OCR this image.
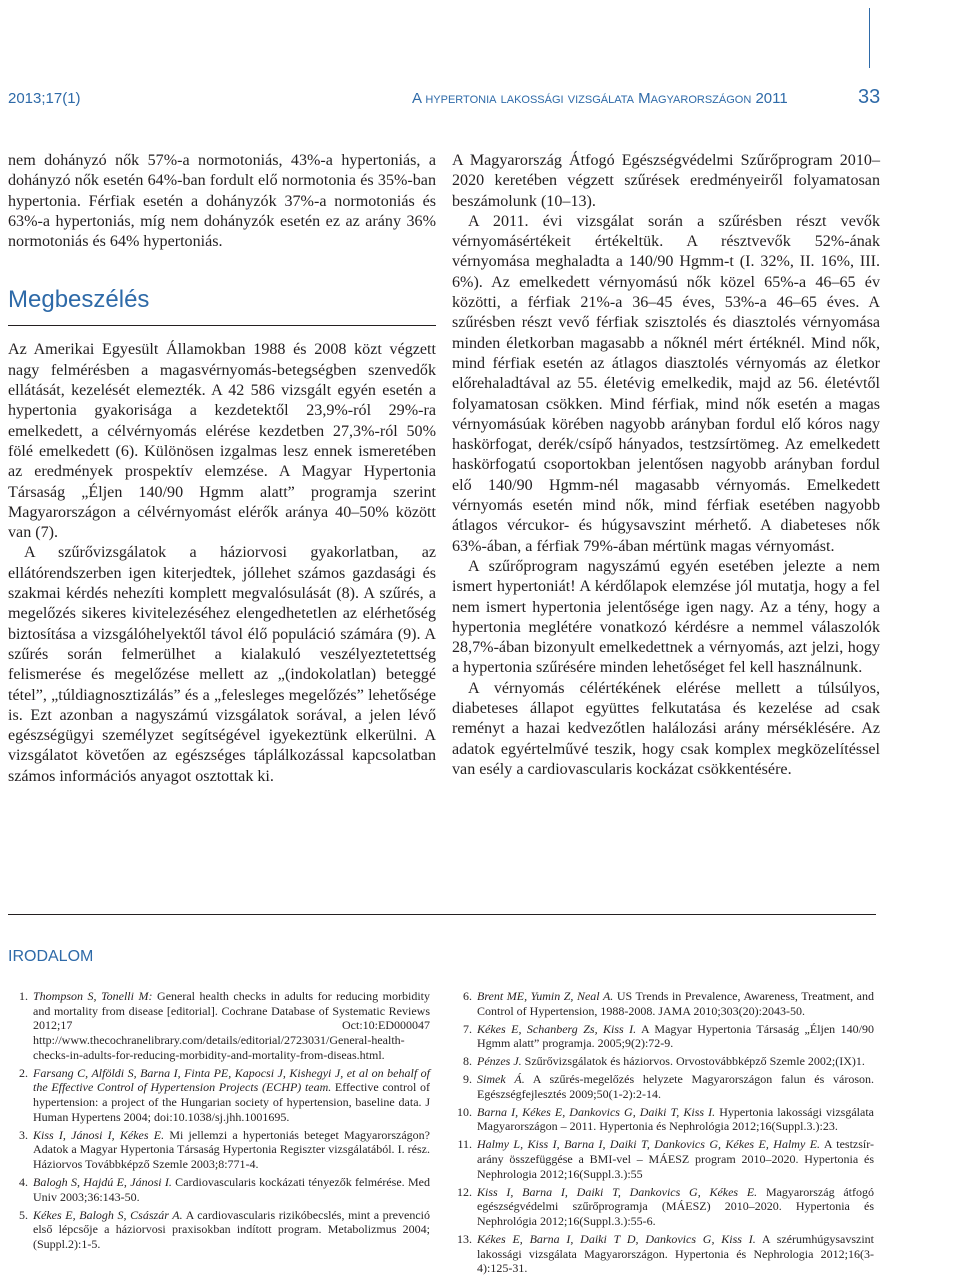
2013;17(1)	A hypertonia lakossági vizsgálata Magyarországon 2011	33

nem dohányzó nők 57%-a normotoniás, 43%-a hypertoniás, a dohányzó nők esetén 64%-ban fordult elő normotonia és 35%-ban hypertonia. Férfiak esetén a dohányzók 37%-a normotoniás és 63%-a hypertoniás, míg nem dohányzók esetén ez az arány 36% normotoniás és 64% hypertoniás.

Megbeszélés

Az Amerikai Egyesült Államokban 1988 és 2008 közt végzett nagy felmérésben a magasvérnyomás-betegségben szenvedők ellátását, kezelését elemezték. A 42 586 vizsgált egyén esetén a hypertonia gyakorisága a kezdetektől 23,9%-ról 29%-ra emelkedett, a célvérnyomás elérése kezdetben 27,3%-ról 50% fölé emelkedett (6). Különösen izgalmas lesz ennek ismeretében az eredmények prospektív elemzése. A Magyar Hypertonia Társaság „Éljen 140/90 Hgmm alatt” programja szerint Magyarországon a célvérnyomást elérők aránya 40–50% között van (7).

A szűrővizsgálatok a háziorvosi gyakorlatban, az ellátórendszerben igen kiterjedtek, jóllehet számos gazdasági és szakmai kérdés nehezíti komplett megvalósulását (8). A szűrés, a megelőzés sikeres kivitelezéséhez elengedhetetlen az elérhetőség biztosítása a vizsgálóhelyektől távol élő populáció számára (9). A szűrés során felmerülhet a kialakuló veszélyeztetettség felismerése és megelőzése mellett az „(indokolatlan) beteggé tétel”, „túldiagnosztizálás” és a „felesleges megelőzés” lehetősége is. Ezt azonban a nagyszámú vizsgálatok sorával, a jelen lévő egészségügyi személyzet segítségével igyekeztünk elkerülni. A vizsgálatot követően az egészséges táplálkozással kapcsolatban számos információs anyagot osztottak ki.

A Magyarország Átfogó Egészségvédelmi Szűrőprogram 2010–2020 keretében végzett szűrések eredményeiről folyamatosan beszámolunk (10–13).

A 2011. évi vizsgálat során a szűrésben részt vevők vérnyomásértékeit értékeltük. A résztvevők 52%-ának vérnyomása meghaladta a 140/90 Hgmm-t (I. 32%, II. 16%, III. 6%). Az emelkedett vérnyomású nők közel 65%-a 46–65 év közötti, a férfiak 21%-a 36–45 éves, 53%-a 46–65 éves. A szűrésben részt vevő férfiak szisztolés és diasztolés vérnyomása minden életkorban magasabb a nőknél mért értéknél. Mind nők, mind férfiak esetén az átlagos diasztolés vérnyomás az életkor előrehaladtával az 55. életévig emelkedik, majd az 56. életévtől folyamatosan csökken. Mind férfiak, mind nők esetén a magas vérnyomásúak körében nagyobb arányban fordul elő kóros nagy haskörfogat, derék/csípő hányados, testzsírtömeg. Az emelkedett haskörfogatú csoportokban jelentősen nagyobb arányban fordul elő 140/90 Hgmm-nél magasabb vérnyomás. Emelkedett vérnyomás esetén mind nők, mind férfiak esetében nagyobb átlagos vércukor- és húgysavszint mérhető. A diabeteses nők 63%-ában, a férfiak 79%-ában mértünk magas vérnyomást.

A szűrőprogram nagyszámú egyén esetében jelezte a nem ismert hypertoniát! A kérdőlapok elemzése jól mutatja, hogy a fel nem ismert hypertonia jelentősége igen nagy. Az a tény, hogy a hypertonia meglétére vonatkozó kérdésre a nemmel válaszolók 28,7%-ában bizonyult emelkedettnek a vérnyomás, azt jelzi, hogy a hypertonia szűrésére minden lehetőséget fel kell használnunk.

A vérnyomás célértékének elérése mellett a túlsúlyos, diabeteses állapot együttes felkutatása és kezelése ad csak reményt a hazai kedvezőtlen halálozási arány mérséklésére. Az adatok egyértelművé teszik, hogy csak komplex megközelítéssel van esély a cardiovascularis kockázat csökkentésére.

IRODALOM
1. Thompson S, Tonelli M: General health checks in adults for reducing morbidity and mortality from disease [editorial]. Cochrane Database of Systematic Reviews 2012;17 Oct:10:ED000047 http://www.thecochranelibrary.com/details/editorial/2723031/General-health-checks-in-adults-for-reducing-morbidity-and-mortality-from-diseas.html.
2. Farsang C, Alföldi S, Barna I, Finta PE, Kapocsi J, Kishegyi J, et al on behalf of the Effective Control of Hypertension Projects (ECHP) team. Effective control of hypertension: a project of the Hungarian society of hypertension, baseline data. J Human Hypertens 2004; doi:10.1038/sj.jhh.1001695.
3. Kiss I, Jánosi I, Kékes E. Mi jellemzi a hypertoniás beteget Magyarországon? Adatok a Magyar Hypertonia Társaság Hypertonia Regiszter vizsgálatából. I. rész. Háziorvos Továbbképző Szemle 2003;8:771-4.
4. Balogh S, Hajdú E, Jánosi I. Cardiovascularis kockázati tényezők felmérése. Med Univ 2003;36:143-50.
5. Kékes E, Balogh S, Császár A. A cardiovascularis rizikóbecslés, mint a prevenció első lépcsője a háziorvosi praxisokban indított program. Metabolizmus 2004;(Suppl.2):1-5.
6. Brent ME, Yumin Z, Neal A. US Trends in Prevalence, Awareness, Treatment, and Control of Hypertension, 1988-2008. JAMA 2010;303(20):2043-50.
7. Kékes E, Schanberg Zs, Kiss I. A Magyar Hypertonia Társaság „Éljen 140/90 Hgmm alatt” programja. 2005;9(2):72-9.
8. Pénzes J. Szűrővizsgálatok és háziorvos. Orvostovábbképző Szemle 2002;(IX)1.
9. Simek Á. A szűrés-megelőzés helyzete Magyarországon falun és városon. Egészségfejlesztés 2009;50(1-2):2-14.
10. Barna I, Kékes E, Dankovics G, Daiki T, Kiss I. Hypertonia lakossági vizsgálata Magyarországon – 2011. Hypertonia és Nephrológia 2012;16(Suppl.3.):23.
11. Halmy L, Kiss I, Barna I, Daiki T, Dankovics G, Kékes E, Halmy E. A testzsír-arány összefüggése a BMI-vel – MÁESZ program 2010–2020. Hypertonia és Nephrologia 2012;16(Suppl.3.):55
12. Kiss I, Barna I, Daiki T, Dankovics G, Kékes E. Magyarország átfogó egészségvédelmi szűrőprogramja (MÁESZ) 2010–2020. Hypertonia és Nephrológia 2012;16(Suppl.3.):55-6.
13. Kékes E, Barna I, Daiki T D, Dankovics G, Kiss I. A szérumhúgysavszint lakossági vizsgálata Magyarországon. Hypertonia és Nephrologia 2012;16(3-4):125-31.
